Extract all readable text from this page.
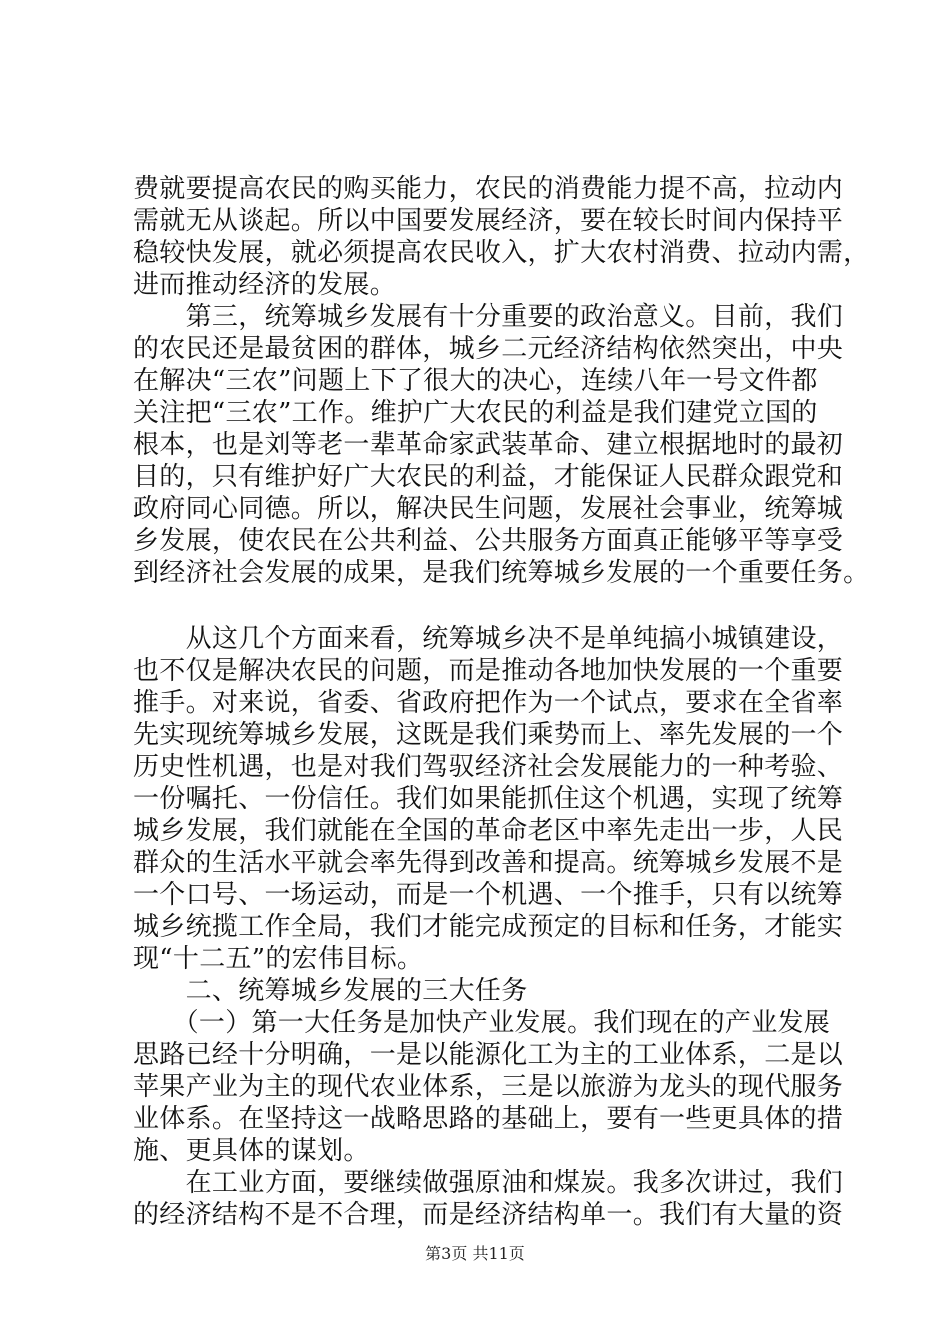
费就要提高农民的购买能力，农民的消费能力提不高，拉动内
需就无从谈起。所以中国要发展经济，要在较长时间内保持平
稳较快发展，就必须提高农民收入，扩大农村消费、拉动内需，
进而推动经济的发展。
　　第三，统筹城乡发展有十分重要的政治意义。目前，我们
的农民还是最贫困的群体，城乡二元经济结构依然突出，中央
在解决“三农”问题上下了很大的决心，连续八年一号文件都
关注把“三农”工作。维护广大农民的利益是我们建党立国的
根本，也是刘等老一辈革命家武装革命、建立根据地时的最初
目的，只有维护好广大农民的利益，才能保证人民群众跟党和
政府同心同德。所以，解决民生问题，发展社会事业，统筹城
乡发展，使农民在公共利益、公共服务方面真正能够平等享受
到经济社会发展的成果，是我们统筹城乡发展的一个重要任务。
　　从这几个方面来看，统筹城乡决不是单纯搞小城镇建设，
也不仅是解决农民的问题，而是推动各地加快发展的一个重要
推手。对来说，省委、省政府把作为一个试点，要求在全省率
先实现统筹城乡发展，这既是我们乘势而上、率先发展的一个
历史性机遇，也是对我们驾驭经济社会发展能力的一种考验、
一份嘱托、一份信任。我们如果能抓住这个机遇，实现了统筹
城乡发展，我们就能在全国的革命老区中率先走出一步，人民
群众的生活水平就会率先得到改善和提高。统筹城乡发展不是
一个口号、一场运动，而是一个机遇、一个推手，只有以统筹
城乡统揽工作全局，我们才能完成预定的目标和任务，才能实
现“十二五”的宏伟目标。
　　二、统筹城乡发展的三大任务
　　（一）第一大任务是加快产业发展。我们现在的产业发展
思路已经十分明确，一是以能源化工为主的工业体系，二是以
苹果产业为主的现代农业体系，三是以旅游为龙头的现代服务
业体系。在坚持这一战略思路的基础上，要有一些更具体的措
施、更具体的谋划。
　　在工业方面，要继续做强原油和煤炭。我多次讲过，我们
的经济结构不是不合理，而是经济结构单一。我们有大量的资
第3页 共11页
